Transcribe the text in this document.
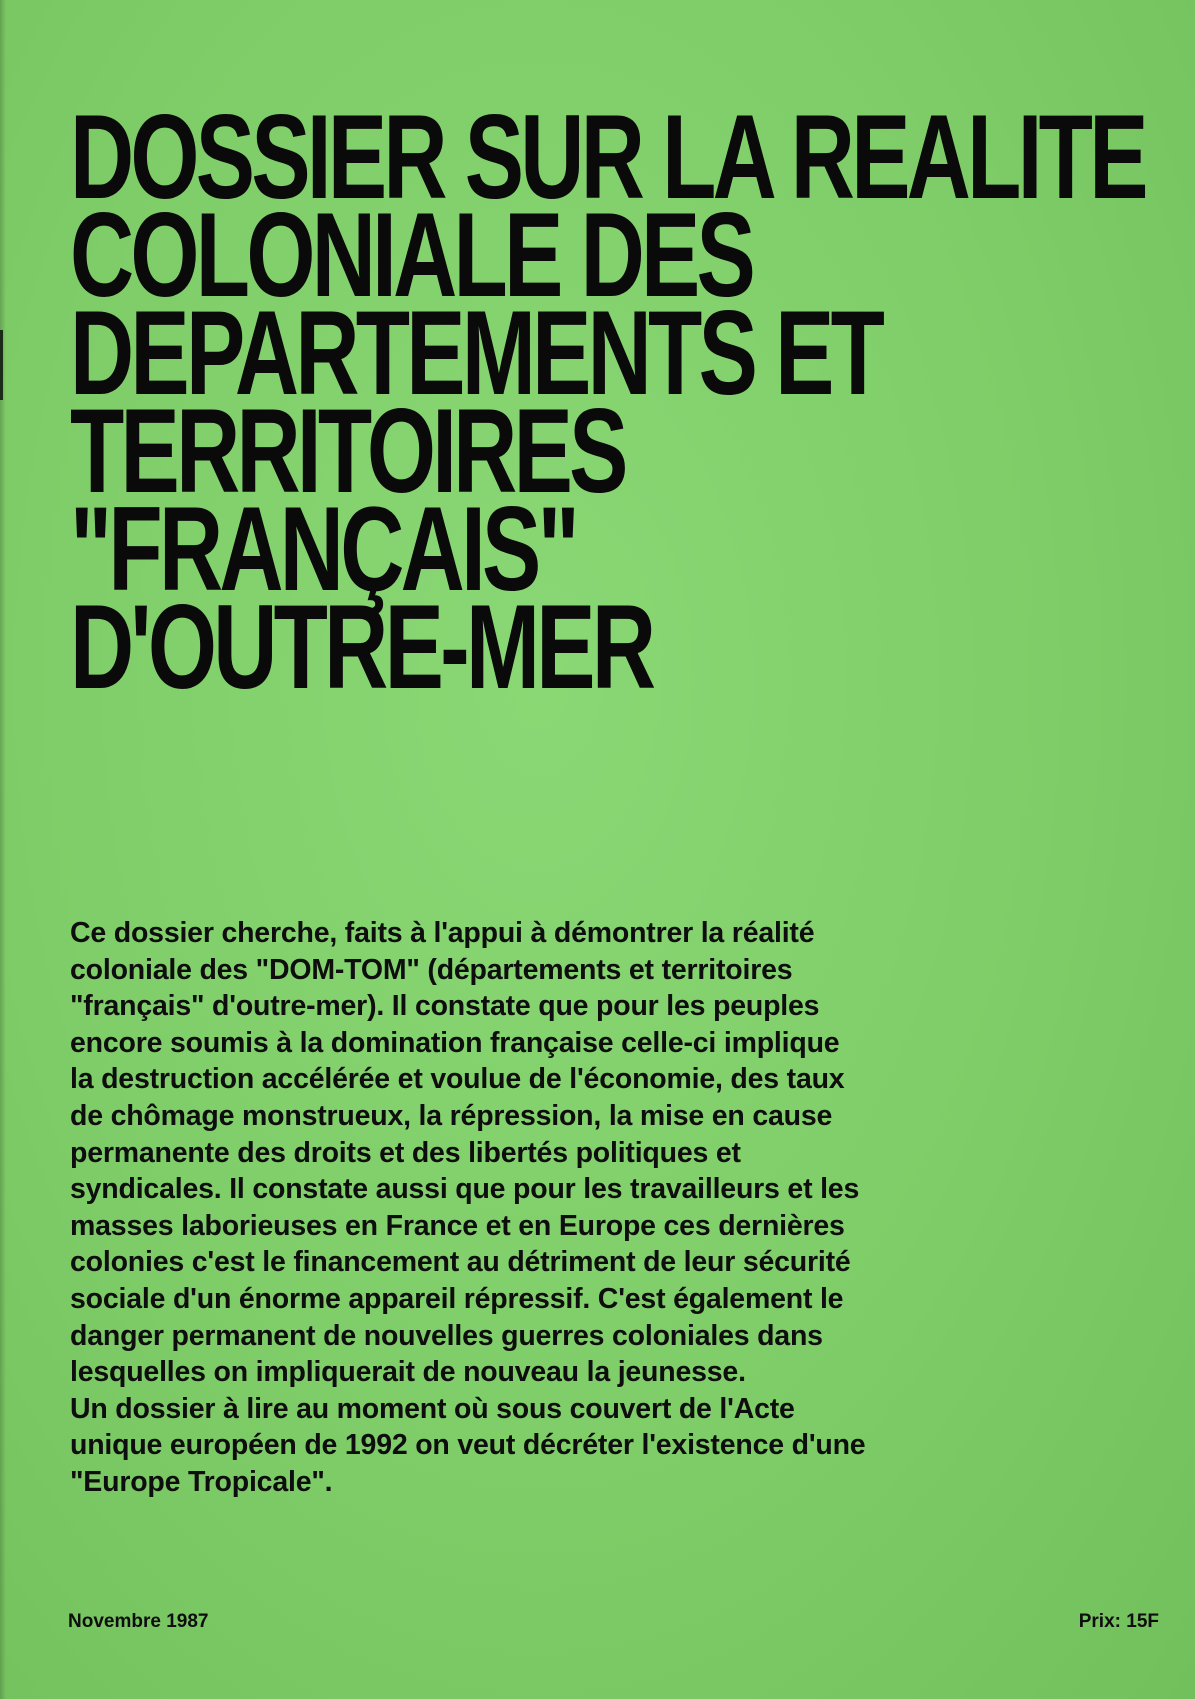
DOSSIER SUR LA REALITE
COLONIALE DES
DEPARTEMENTS ET
TERRITOIRES
"FRANÇAIS"
D'OUTRE-MER

Ce dossier cherche, faits à l'appui à démontrer la réalité
coloniale des "DOM-TOM" (départements et territoires
"français" d'outre-mer). Il constate que pour les peuples
encore soumis à la domination française celle-ci implique
la destruction accélérée et voulue de l'économie, des taux
de chômage monstrueux, la répression, la mise en cause
permanente des droits et des libertés politiques et
syndicales. Il constate aussi que pour les travailleurs et les
masses laborieuses en France et en Europe ces dernières
colonies c'est le financement au détriment de leur sécurité
sociale d'un énorme appareil répressif. C'est également le
danger permanent de nouvelles guerres coloniales dans
lesquelles on impliquerait de nouveau la jeunesse.
Un dossier à lire au moment où sous couvert de l'Acte
unique européen de 1992 on veut décréter l'existence d'une
"Europe Tropicale".

Novembre 1987	Prix: 15F
